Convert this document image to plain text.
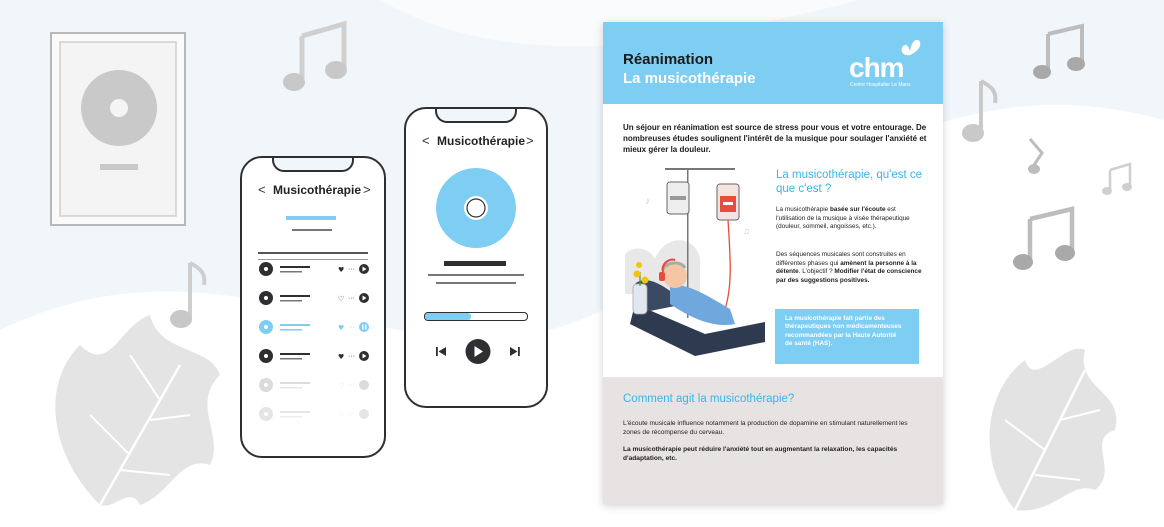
< Musicothérapie >
♥ ···
♡ ···
♥ ···
♥ ···
♡ ···
♡ ···
< Musicothérapie >
Réanimation
La musicothérapie	chm
Centre Hospitalier Le Mans
Un séjour en réanimation est source de stress pour vous et votre entourage. De nombreuses études soulignent l'intérêt de la musique pour soulager l'anxiété et mieux gérer la douleur.
♪
♫
La musicothérapie, qu'est ce que c'est ?
La musicothérapie basée sur l'écoute est l'utilisation de la musique à visée thérapeutique (douleur, sommeil, angoisses, etc.).
Des séquences musicales sont construites en différentes phases qui amènent la personne à la détente. L'objectif ? Modifier l'état de conscience par des suggestions positives.
La musicothérapie fait partie des thérapeutiques non médicamenteuses recommandées par la Haute Autorité de santé (HAS).
Comment agit la musicothérapie?
L'écoute musicale influence notamment la production de dopamine en stimulant naturellement les zones de récompense du cerveau.
La musicothérapie peut réduire l'anxiété tout en augmentant la relaxation, les capacités d'adaptation, etc.
